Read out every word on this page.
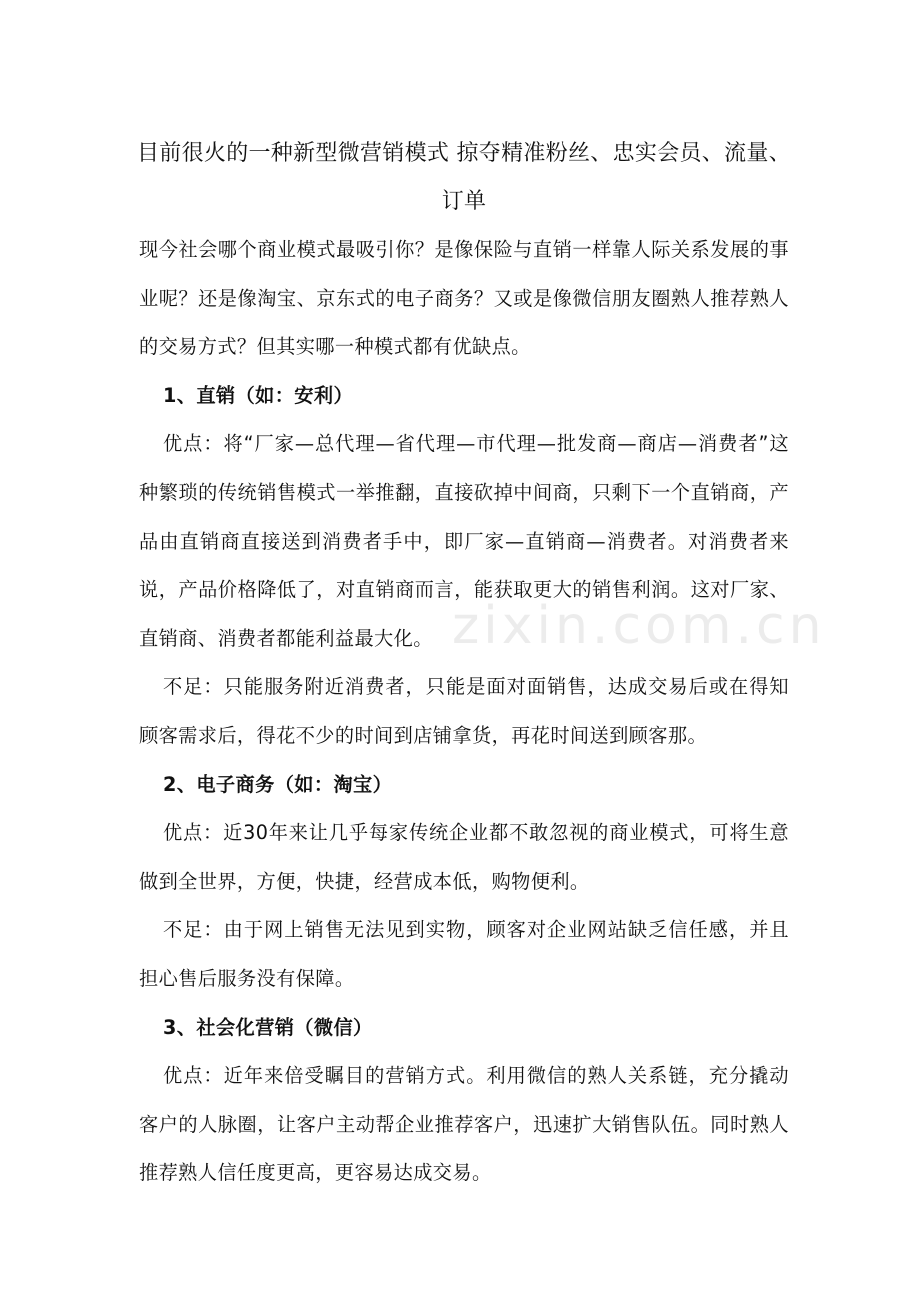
zixin.com.cn
目前很火的一种新型微营销模式 掠夺精准粉丝、忠实会员、流量、订单

现今社会哪个商业模式最吸引你？是像保险与直销一样靠人际关系发展的事业呢？还是像淘宝、京东式的电子商务？又或是像微信朋友圈熟人推荐熟人的交易方式？但其实哪一种模式都有优缺点。

1、直销（如：安利）

优点：将“厂家—总代理—省代理—市代理—批发商—商店—消费者”这种繁琐的传统销售模式一举推翻，直接砍掉中间商，只剩下一个直销商，产品由直销商直接送到消费者手中，即厂家—直销商—消费者。对消费者来说，产品价格降低了，对直销商而言，能获取更大的销售利润。这对厂家、直销商、消费者都能利益最大化。

不足：只能服务附近消费者，只能是面对面销售，达成交易后或在得知顾客需求后，得花不少的时间到店铺拿货，再花时间送到顾客那。

2、电子商务（如：淘宝）

优点：近30年来让几乎每家传统企业都不敢忽视的商业模式，可将生意做到全世界，方便，快捷，经营成本低，购物便利。

不足：由于网上销售无法见到实物，顾客对企业网站缺乏信任感，并且担心售后服务没有保障。

3、社会化营销（微信）

优点：近年来倍受瞩目的营销方式。利用微信的熟人关系链，充分撬动客户的人脉圈，让客户主动帮企业推荐客户，迅速扩大销售队伍。同时熟人推荐熟人信任度更高，更容易达成交易。
